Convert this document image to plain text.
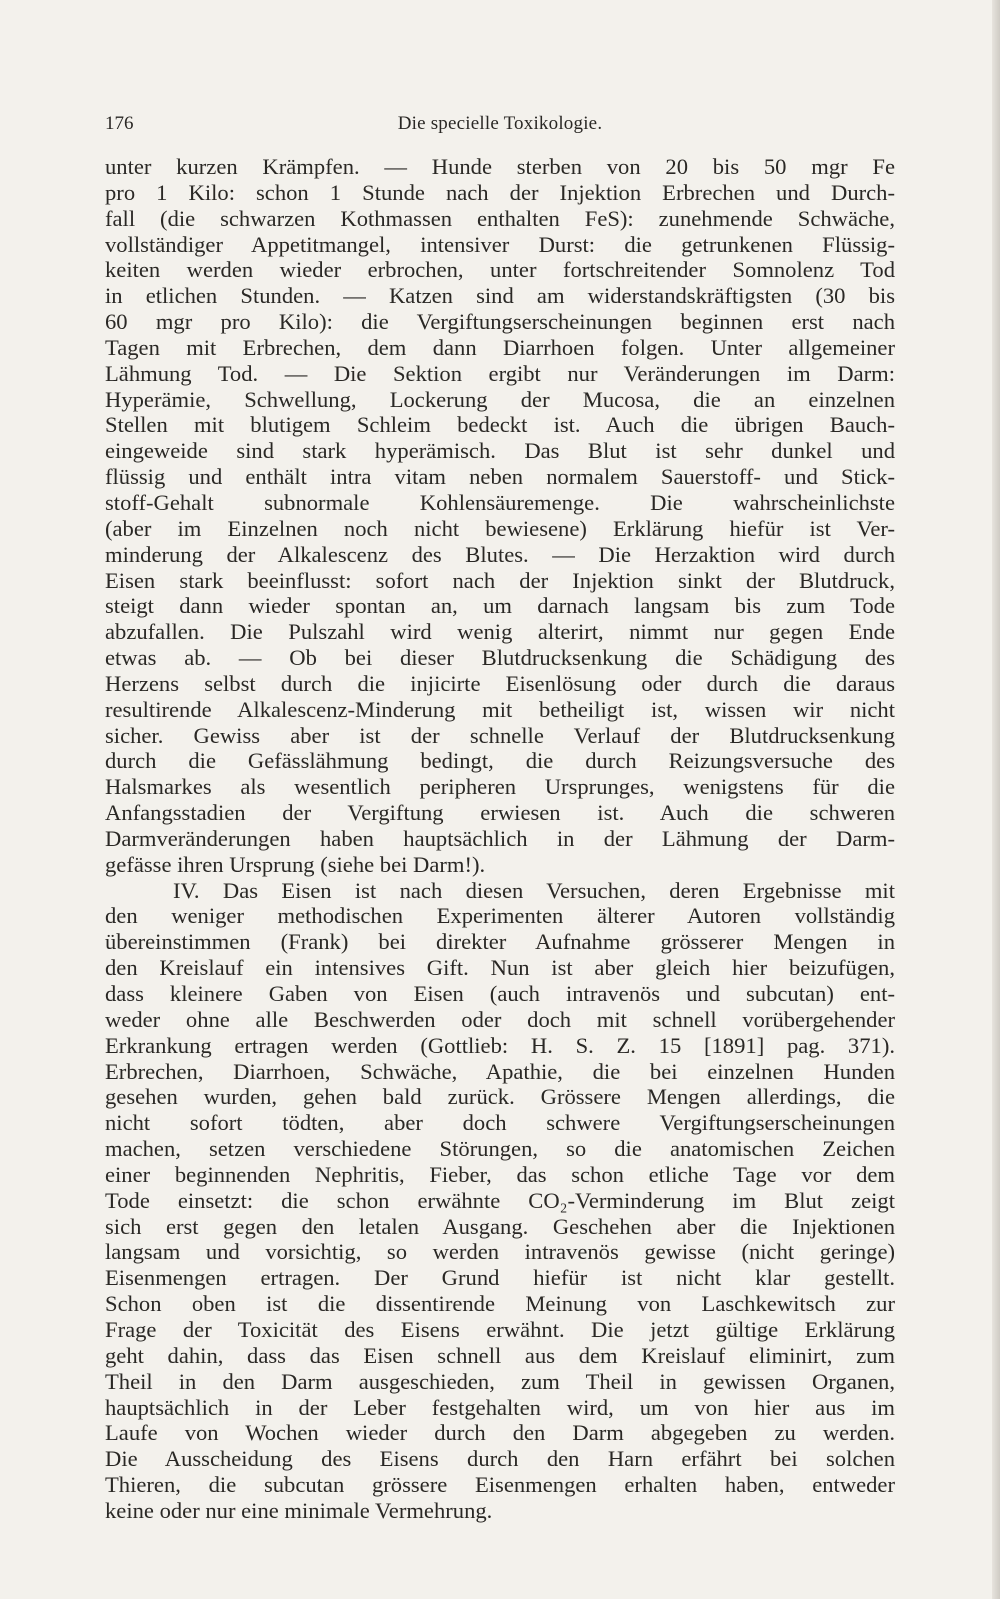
176	Die specielle Toxikologie.
unter kurzen Krämpfen. — Hunde sterben von 20 bis 50 mgr Fe
pro 1 Kilo: schon 1 Stunde nach der Injektion Erbrechen und Durch-
fall (die schwarzen Kothmassen enthalten FeS): zunehmende Schwäche,
vollständiger Appetitmangel, intensiver Durst: die getrunkenen Flüssig-
keiten werden wieder erbrochen, unter fortschreitender Somnolenz Tod
in etlichen Stunden. — Katzen sind am widerstandskräftigsten (30 bis
60 mgr pro Kilo): die Vergiftungserscheinungen beginnen erst nach
Tagen mit Erbrechen, dem dann Diarrhoen folgen. Unter allgemeiner
Lähmung Tod. — Die Sektion ergibt nur Veränderungen im Darm:
Hyperämie, Schwellung, Lockerung der Mucosa, die an einzelnen
Stellen mit blutigem Schleim bedeckt ist. Auch die übrigen Bauch-
eingeweide sind stark hyperämisch. Das Blut ist sehr dunkel und
flüssig und enthält intra vitam neben normalem Sauerstoff- und Stick-
stoff-Gehalt subnormale Kohlensäuremenge. Die wahrscheinlichste
(aber im Einzelnen noch nicht bewiesene) Erklärung hiefür ist Ver-
minderung der Alkalescenz des Blutes. — Die Herzaktion wird durch
Eisen stark beeinflusst: sofort nach der Injektion sinkt der Blutdruck,
steigt dann wieder spontan an, um darnach langsam bis zum Tode
abzufallen. Die Pulszahl wird wenig alterirt, nimmt nur gegen Ende
etwas ab. — Ob bei dieser Blutdrucksenkung die Schädigung des
Herzens selbst durch die injicirte Eisenlösung oder durch die daraus
resultirende Alkalescenz-Minderung mit betheiligt ist, wissen wir nicht
sicher. Gewiss aber ist der schnelle Verlauf der Blutdrucksenkung
durch die Gefässlähmung bedingt, die durch Reizungsversuche des
Halsmarkes als wesentlich peripheren Ursprunges, wenigstens für die
Anfangsstadien der Vergiftung erwiesen ist. Auch die schweren
Darmveränderungen haben hauptsächlich in der Lähmung der Darm-
gefässe ihren Ursprung (siehe bei Darm!).
IV. Das Eisen ist nach diesen Versuchen, deren Ergebnisse mit
den weniger methodischen Experimenten älterer Autoren vollständig
übereinstimmen (Frank) bei direkter Aufnahme grösserer Mengen in
den Kreislauf ein intensives Gift. Nun ist aber gleich hier beizufügen,
dass kleinere Gaben von Eisen (auch intravenös und subcutan) ent-
weder ohne alle Beschwerden oder doch mit schnell vorübergehender
Erkrankung ertragen werden (Gottlieb: H. S. Z. 15 [1891] pag. 371).
Erbrechen, Diarrhoen, Schwäche, Apathie, die bei einzelnen Hunden
gesehen wurden, gehen bald zurück. Grössere Mengen allerdings, die
nicht sofort tödten, aber doch schwere Vergiftungserscheinungen
machen, setzen verschiedene Störungen, so die anatomischen Zeichen
einer beginnenden Nephritis, Fieber, das schon etliche Tage vor dem
Tode einsetzt: die schon erwähnte CO₂-Verminderung im Blut zeigt
sich erst gegen den letalen Ausgang. Geschehen aber die Injektionen
langsam und vorsichtig, so werden intravenös gewisse (nicht geringe)
Eisenmengen ertragen. Der Grund hiefür ist nicht klar gestellt.
Schon oben ist die dissentirende Meinung von Laschkewitsch zur
Frage der Toxicität des Eisens erwähnt. Die jetzt gültige Erklärung
geht dahin, dass das Eisen schnell aus dem Kreislauf eliminirt, zum
Theil in den Darm ausgeschieden, zum Theil in gewissen Organen,
hauptsächlich in der Leber festgehalten wird, um von hier aus im
Laufe von Wochen wieder durch den Darm abgegeben zu werden.
Die Ausscheidung des Eisens durch den Harn erfährt bei solchen
Thieren, die subcutan grössere Eisenmengen erhalten haben, entweder
keine oder nur eine minimale Vermehrung.
